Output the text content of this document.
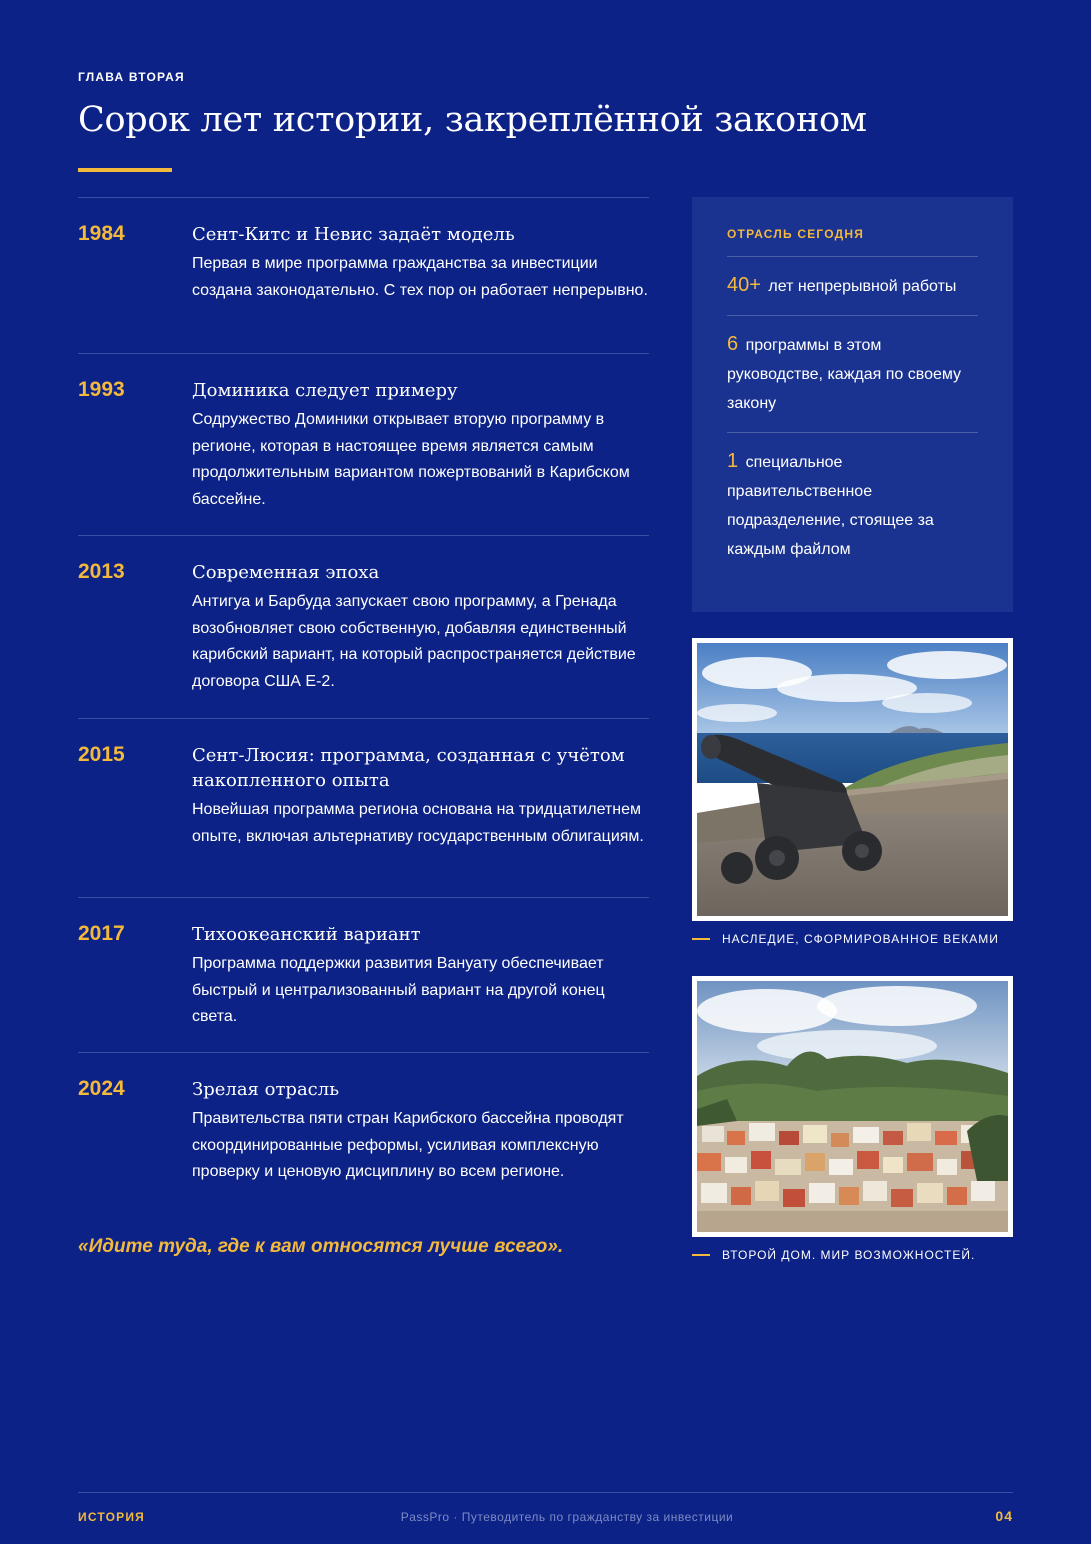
ГЛАВА ВТОРАЯ
Сорок лет истории, закреплённой законом
1984	Сент-Китс и Невис задаёт модель
Первая в мире программа гражданства за инвестиции создана законодательно. С тех пор он работает непрерывно.
1993	Доминика следует примеру
Содружество Доминики открывает вторую программу в регионе, которая в настоящее время является самым продолжительным вариантом пожертвований в Карибском бассейне.
2013	Современная эпоха
Антигуа и Барбуда запускает свою программу, а Гренада возобновляет свою собственную, добавляя единственный карибский вариант, на который распространяется действие договора США E-2.
2015	Сент-Люсия: программа, созданная с учётом накопленного опыта
Новейшая программа региона основана на тридцатилетнем опыте, включая альтернативу государственным облигациям.
2017	Тихоокеанский вариант
Программа поддержки развития Вануату обеспечивает быстрый и централизованный вариант на другой конец света.
2024	Зрелая отрасль
Правительства пяти стран Карибского бассейна проводят скоординированные реформы, усиливая комплексную проверку и ценовую дисциплину во всем регионе.
«Идите туда, где к вам относятся лучше всего».
ОТРАСЛЬ СЕГОДНЯ
40+ лет непрерывной работы
6 программы в этом руководстве, каждая по своему закону
1 специальное правительственное подразделение, стоящее за каждым файлом
НАСЛЕДИЕ, СФОРМИРОВАННОЕ ВЕКАМИ
ВТОРОЙ ДОМ. МИР ВОЗМОЖНОСТЕЙ.
ИСТОРИЯ	PassPro · Путеводитель по гражданству за инвестиции	04
